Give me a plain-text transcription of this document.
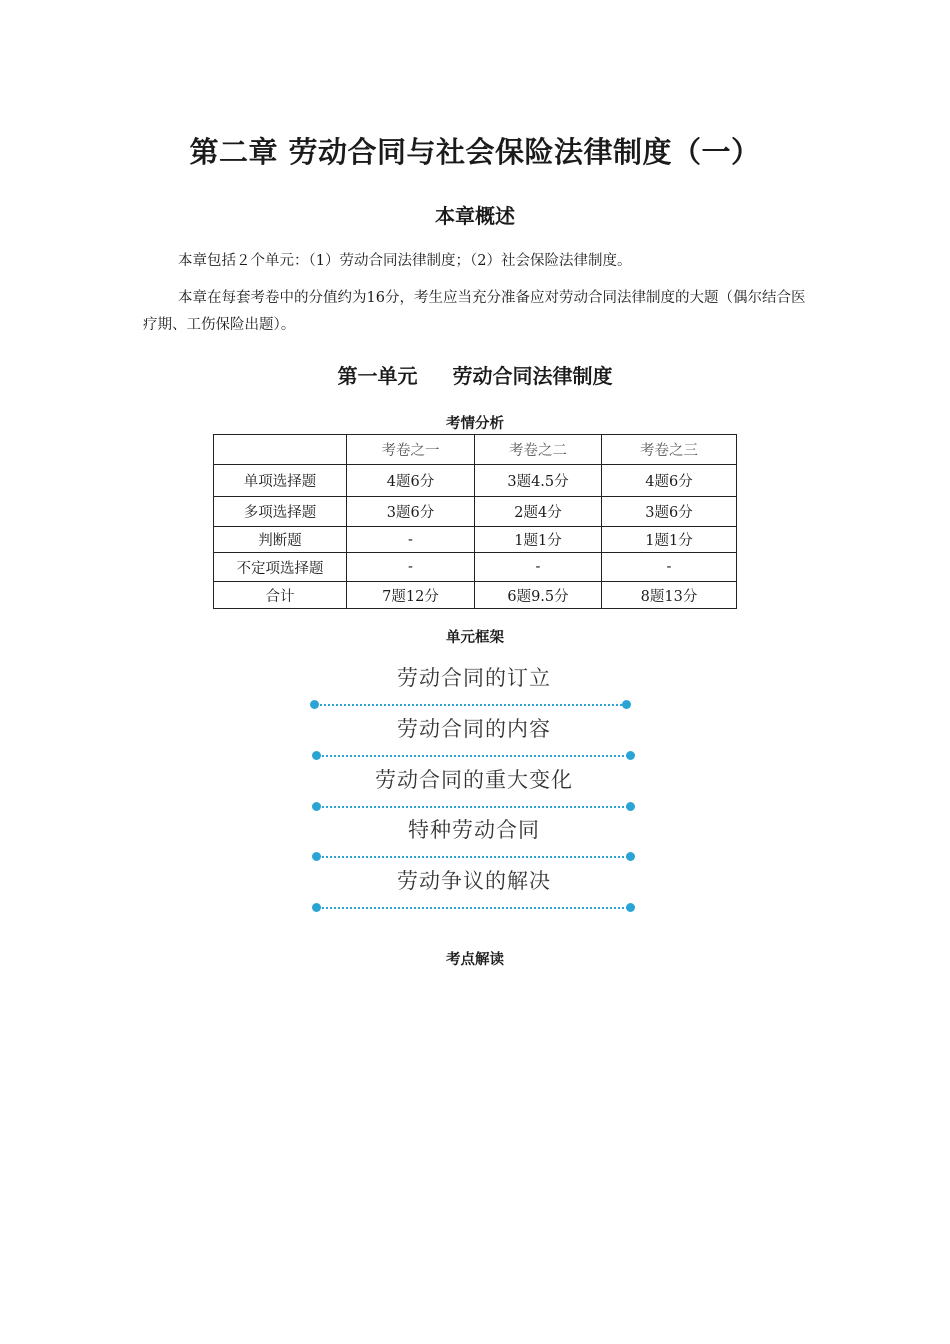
第二章 劳动合同与社会保险法律制度（一）
本章概述

本章包括２个单元：（1）劳动合同法律制度；（2）社会保险法律制度。

本章在每套考卷中的分值约为16分，考生应当充分准备应对劳动合同法律制度的大题（偶尔结合医疗期、工伤保险出题）。

第一单元 劳动合同法律制度

考情分析

	考卷之一	考卷之二	考卷之三
单项选择题	4题6分	3题4.5分	4题6分
多项选择题	3题6分	2题4分	3题6分
判断题	-	1题1分	1题1分
不定项选择题	-	-	-
合计	7题12分	6题9.5分	8题13分

单元框架

劳动合同的订立
劳动合同的内容
劳动合同的重大变化
特种劳动合同
劳动争议的解决

考点解读
